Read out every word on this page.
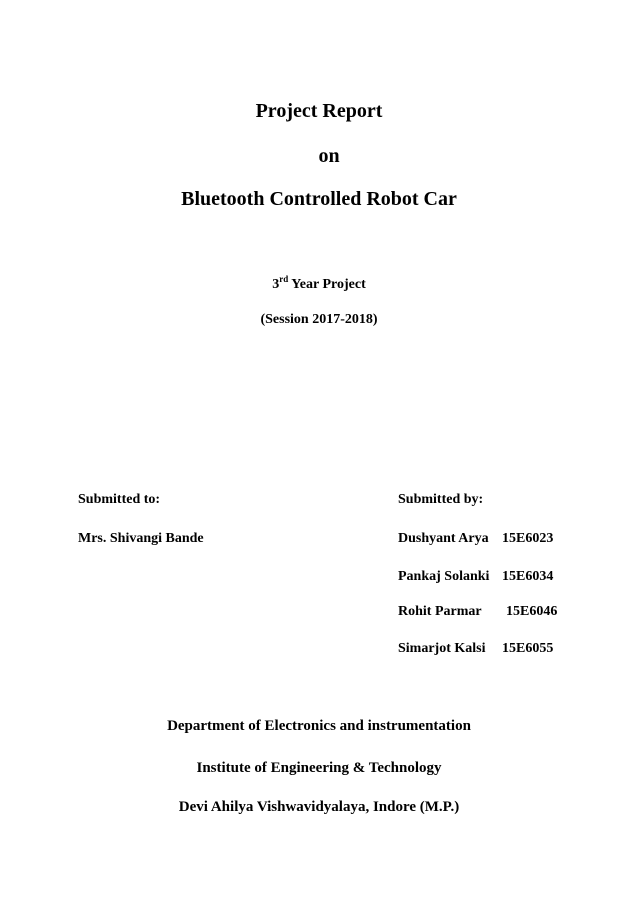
Project Report
on
Bluetooth Controlled Robot Car
3rd Year Project
(Session 2017-2018)
Submitted to:	Submitted by:
Mrs. Shivangi Bande	Dushyant Arya 15E6023
Pankaj Solanki 15E6034
Rohit Parmar 15E6046
Simarjot Kalsi 15E6055
Department of Electronics and instrumentation
Institute of Engineering & Technology
Devi Ahilya Vishwavidyalaya, Indore (M.P.)
